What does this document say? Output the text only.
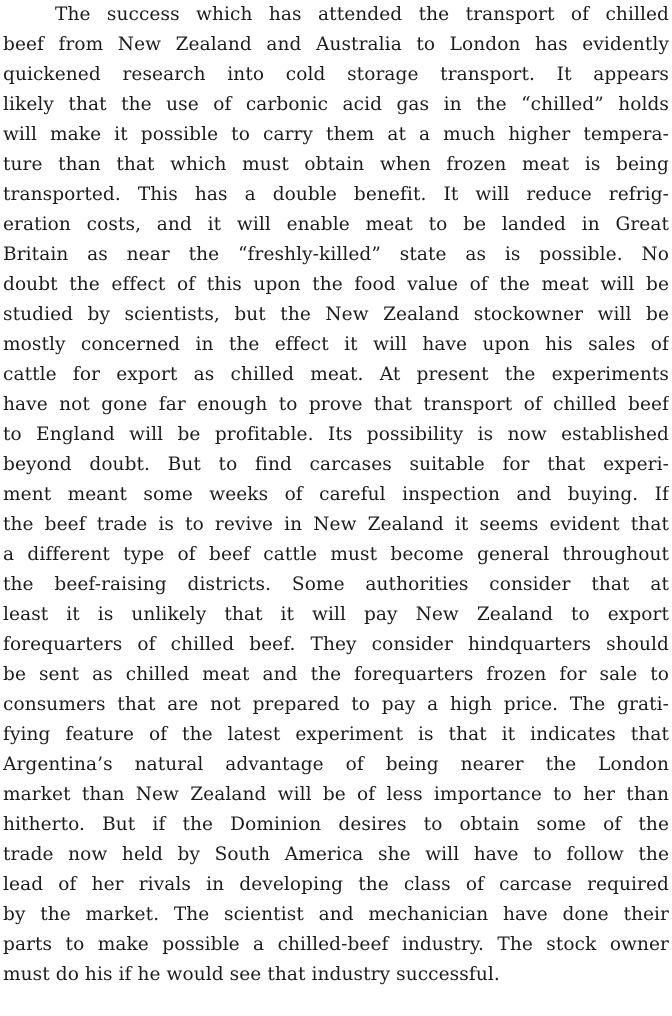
The success which has attended the transport of chilled
beef from New Zealand and Australia to London has evidently
quickened research into cold storage transport. It appears
likely that the use of carbonic acid gas in the “chilled” holds
will make it possible to carry them at a much higher tempera-
ture than that which must obtain when frozen meat is being
transported. This has a double benefit. It will reduce refrig-
eration costs, and it will enable meat to be landed in Great
Britain as near the “freshly-killed” state as is possible. No
doubt the effect of this upon the food value of the meat will be
studied by scientists, but the New Zealand stockowner will be
mostly concerned in the effect it will have upon his sales of
cattle for export as chilled meat. At present the experiments
have not gone far enough to prove that transport of chilled beef
to England will be profitable. Its possibility is now established
beyond doubt. But to find carcases suitable for that experi-
ment meant some weeks of careful inspection and buying. If
the beef trade is to revive in New Zealand it seems evident that
a different type of beef cattle must become general throughout
the beef-raising districts. Some authorities consider that at
least it is unlikely that it will pay New Zealand to export
forequarters of chilled beef. They consider hindquarters should
be sent as chilled meat and the forequarters frozen for sale to
consumers that are not prepared to pay a high price. The grati-
fying feature of the latest experiment is that it indicates that
Argentina’s natural advantage of being nearer the London
market than New Zealand will be of less importance to her than
hitherto. But if the Dominion desires to obtain some of the
trade now held by South America she will have to follow the
lead of her rivals in developing the class of carcase required
by the market. The scientist and mechanician have done their
parts to make possible a chilled-beef industry. The stock owner
must do his if he would see that industry successful.
